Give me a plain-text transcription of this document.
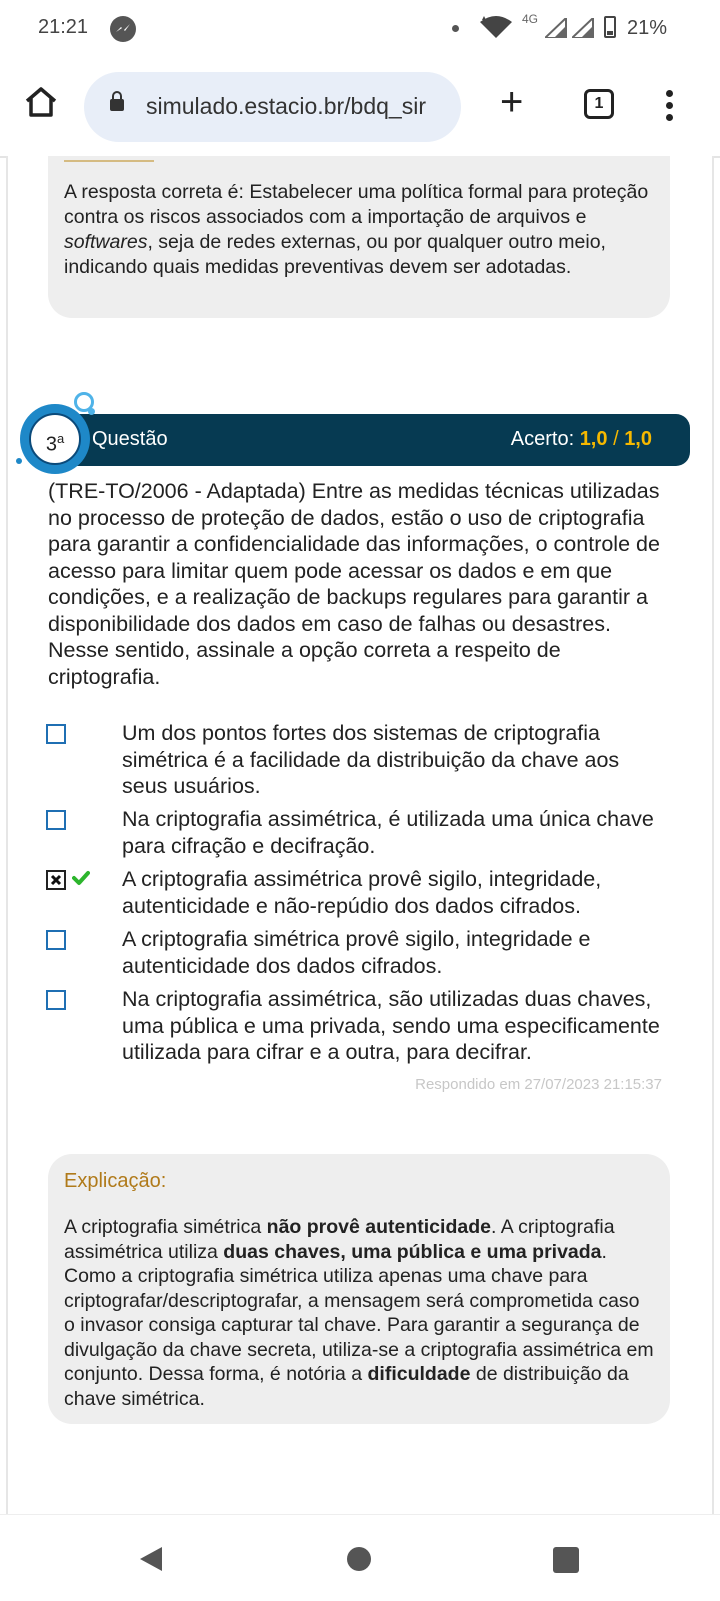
21:21	4G	21%
simulado.estacio.br/bdq_sir	+	1
A resposta correta é: Estabelecer uma política formal para proteção contra os riscos associados com a importação de arquivos e softwares, seja de redes externas, ou por qualquer outro meio, indicando quais medidas preventivas devem ser adotadas.
Questão	Acerto: 1,0 / 1,0
3$^a$
(TRE-TO/2006 - Adaptada) Entre as medidas técnicas utilizadas no processo de proteção de dados, estão o uso de criptografia para garantir a confidencialidade das informações, o controle de acesso para limitar quem pode acessar os dados e em que condições, e a realização de backups regulares para garantir a disponibilidade dos dados em caso de falhas ou desastres. Nesse sentido, assinale a opção correta a respeito de criptografia.
Um dos pontos fortes dos sistemas de criptografia simétrica é a facilidade da distribuição da chave aos seus usuários.
Na criptografia assimétrica, é utilizada uma única chave para cifração e decifração.
A criptografia assimétrica provê sigilo, integridade, autenticidade e não-repúdio dos dados cifrados.
A criptografia simétrica provê sigilo, integridade e autenticidade dos dados cifrados.
Na criptografia assimétrica, são utilizadas duas chaves, uma pública e uma privada, sendo uma especificamente utilizada para cifrar e a outra, para decifrar.
Respondido em 27/07/2023 21:15:37
Explicação:
A criptografia simétrica não provê autenticidade. A criptografia assimétrica utiliza duas chaves, uma pública e uma privada. Como a criptografia simétrica utiliza apenas uma chave para criptografar/descriptografar, a mensagem será comprometida caso o invasor consiga capturar tal chave. Para garantir a segurança de divulgação da chave secreta, utiliza-se a criptografia assimétrica em conjunto. Dessa forma, é notória a dificuldade de distribuição da chave simétrica.
